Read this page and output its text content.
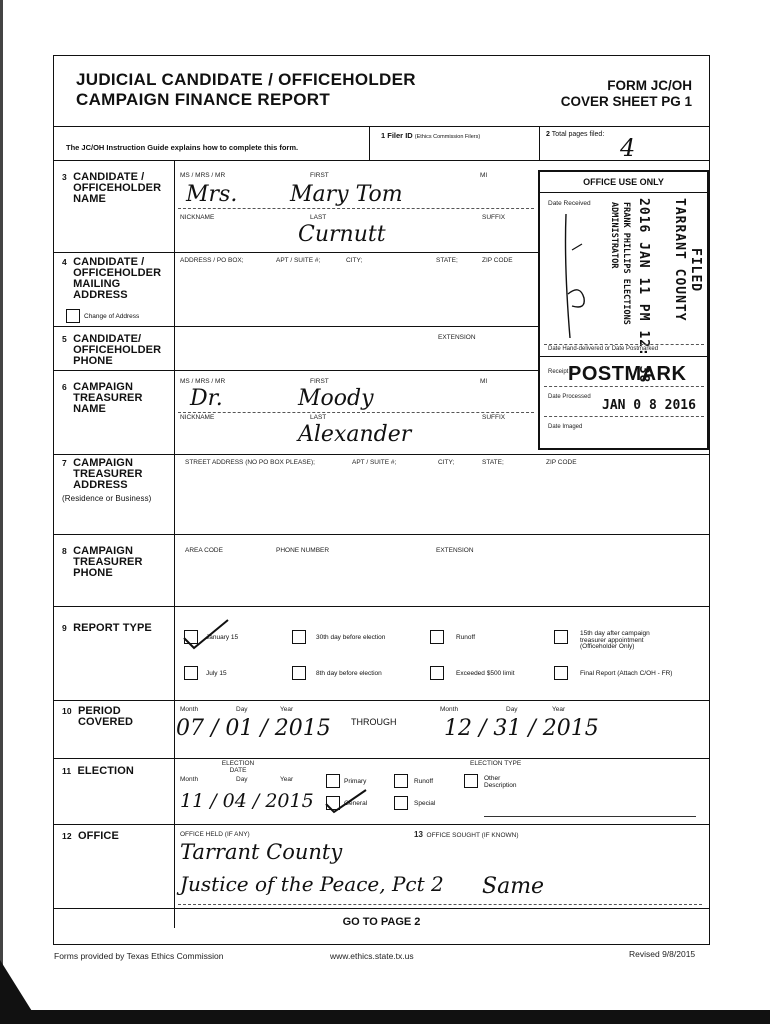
JUDICIAL CANDIDATE / OFFICEHOLDER
CAMPAIGN FINANCE REPORT
FORM JC/OH
COVER SHEET PG 1
The JC/OH Instruction Guide explains how to complete this form.
1 Filer ID (Ethics Commission Filers)	2 Total pages filed: 4
OFFICE USE ONLY
Date Received	2016 JAN 11 PM 12: 38 TARRANT COUNTY FILED
FRANK PHILLIPS ELECTIONS ADMINISTRATOR
Date Hand-delivered or Date Postmarked
Receipt #
POSTMARK
Date Processed
JAN 0 8 2016
Date Imaged
3 CANDIDATE / OFFICEHOLDER NAME
MS / MRS / MR	FIRST	MI
Mrs. Mary Tom
NICKNAME	LAST	SUFFIX
Curnutt
4 CANDIDATE / OFFICEHOLDER MAILING ADDRESS
ADDRESS / PO BOX;	APT / SUITE #;	CITY;	STATE;	ZIP CODE
Change of Address
5 CANDIDATE/ OFFICEHOLDER PHONE
EXTENSION
6 CAMPAIGN TREASURER NAME
MS / MRS / MR	FIRST	MI
Dr.	Moody
NICKNAME	LAST	SUFFIX
Alexander
7 CAMPAIGN TREASURER ADDRESS
(Residence or Business)
STREET ADDRESS (NO PO BOX PLEASE);	APT / SUITE #;	CITY;	STATE;	ZIP CODE
8 CAMPAIGN TREASURER PHONE
AREA CODE	PHONE NUMBER	EXTENSION
9 REPORT TYPE
January 15	30th day before election	Runoff
15th day after campaign
treasurer appointment
(Officeholder Only)
July 15	8th day before election	Exceeded $500 limit	Final Report (Attach C/OH - FR)
10 PERIOD COVERED
Month	Day	Year
07 / 01 / 2015 THROUGH
Month	Day	Year
12 / 31 / 2015
11 ELECTION
ELECTION DATE
Month	Day	Year
11 / 04 / 2015
ELECTION TYPE
Primary	Runoff	Other
Description
General	Special
12 OFFICE	OFFICE HELD (IF ANY)
Tarrant County
Justice of the Peace, Pct 2
13 OFFICE SOUGHT (IF KNOWN)
Same
GO TO PAGE 2
Forms provided by Texas Ethics Commission	www.ethics.state.tx.us	Revised 9/8/2015
